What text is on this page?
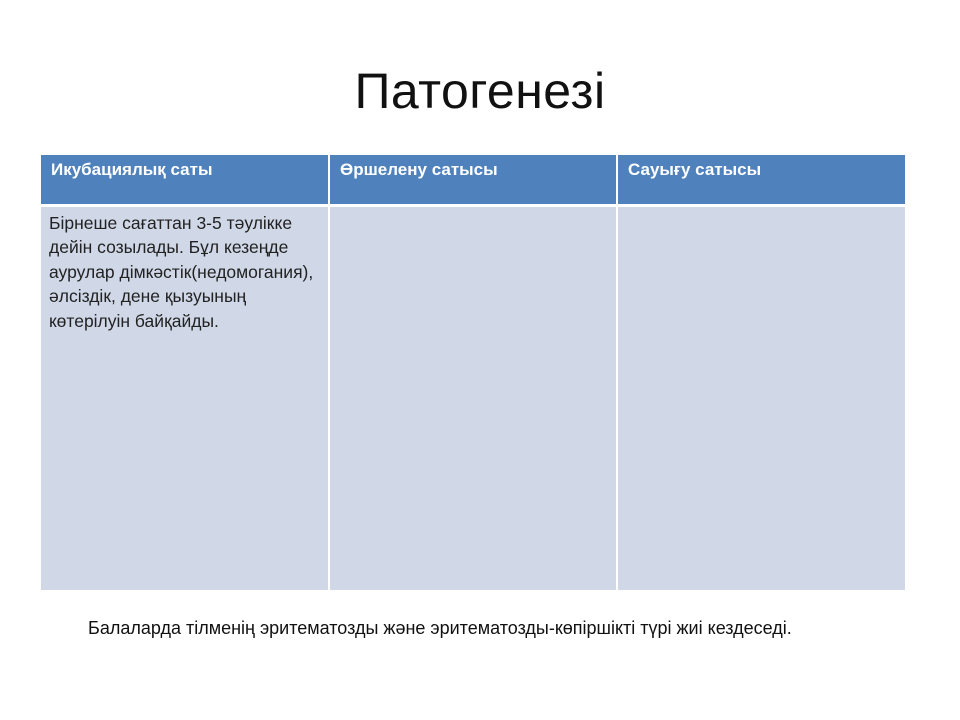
Патогенезі
Икубациялық саты	Өршелену сатысы	Сауығу сатысы
Бірнеше сағаттан 3-5 тәулікке дейін созылады. Бұл кезеңде аурулар дімкәстік(недомогания), әлсіздік, дене қызуының көтерілуін байқайды.		

Балаларда тілменің эритематозды және эритематозды-көпіршікті түрі жиі кездеседі.
